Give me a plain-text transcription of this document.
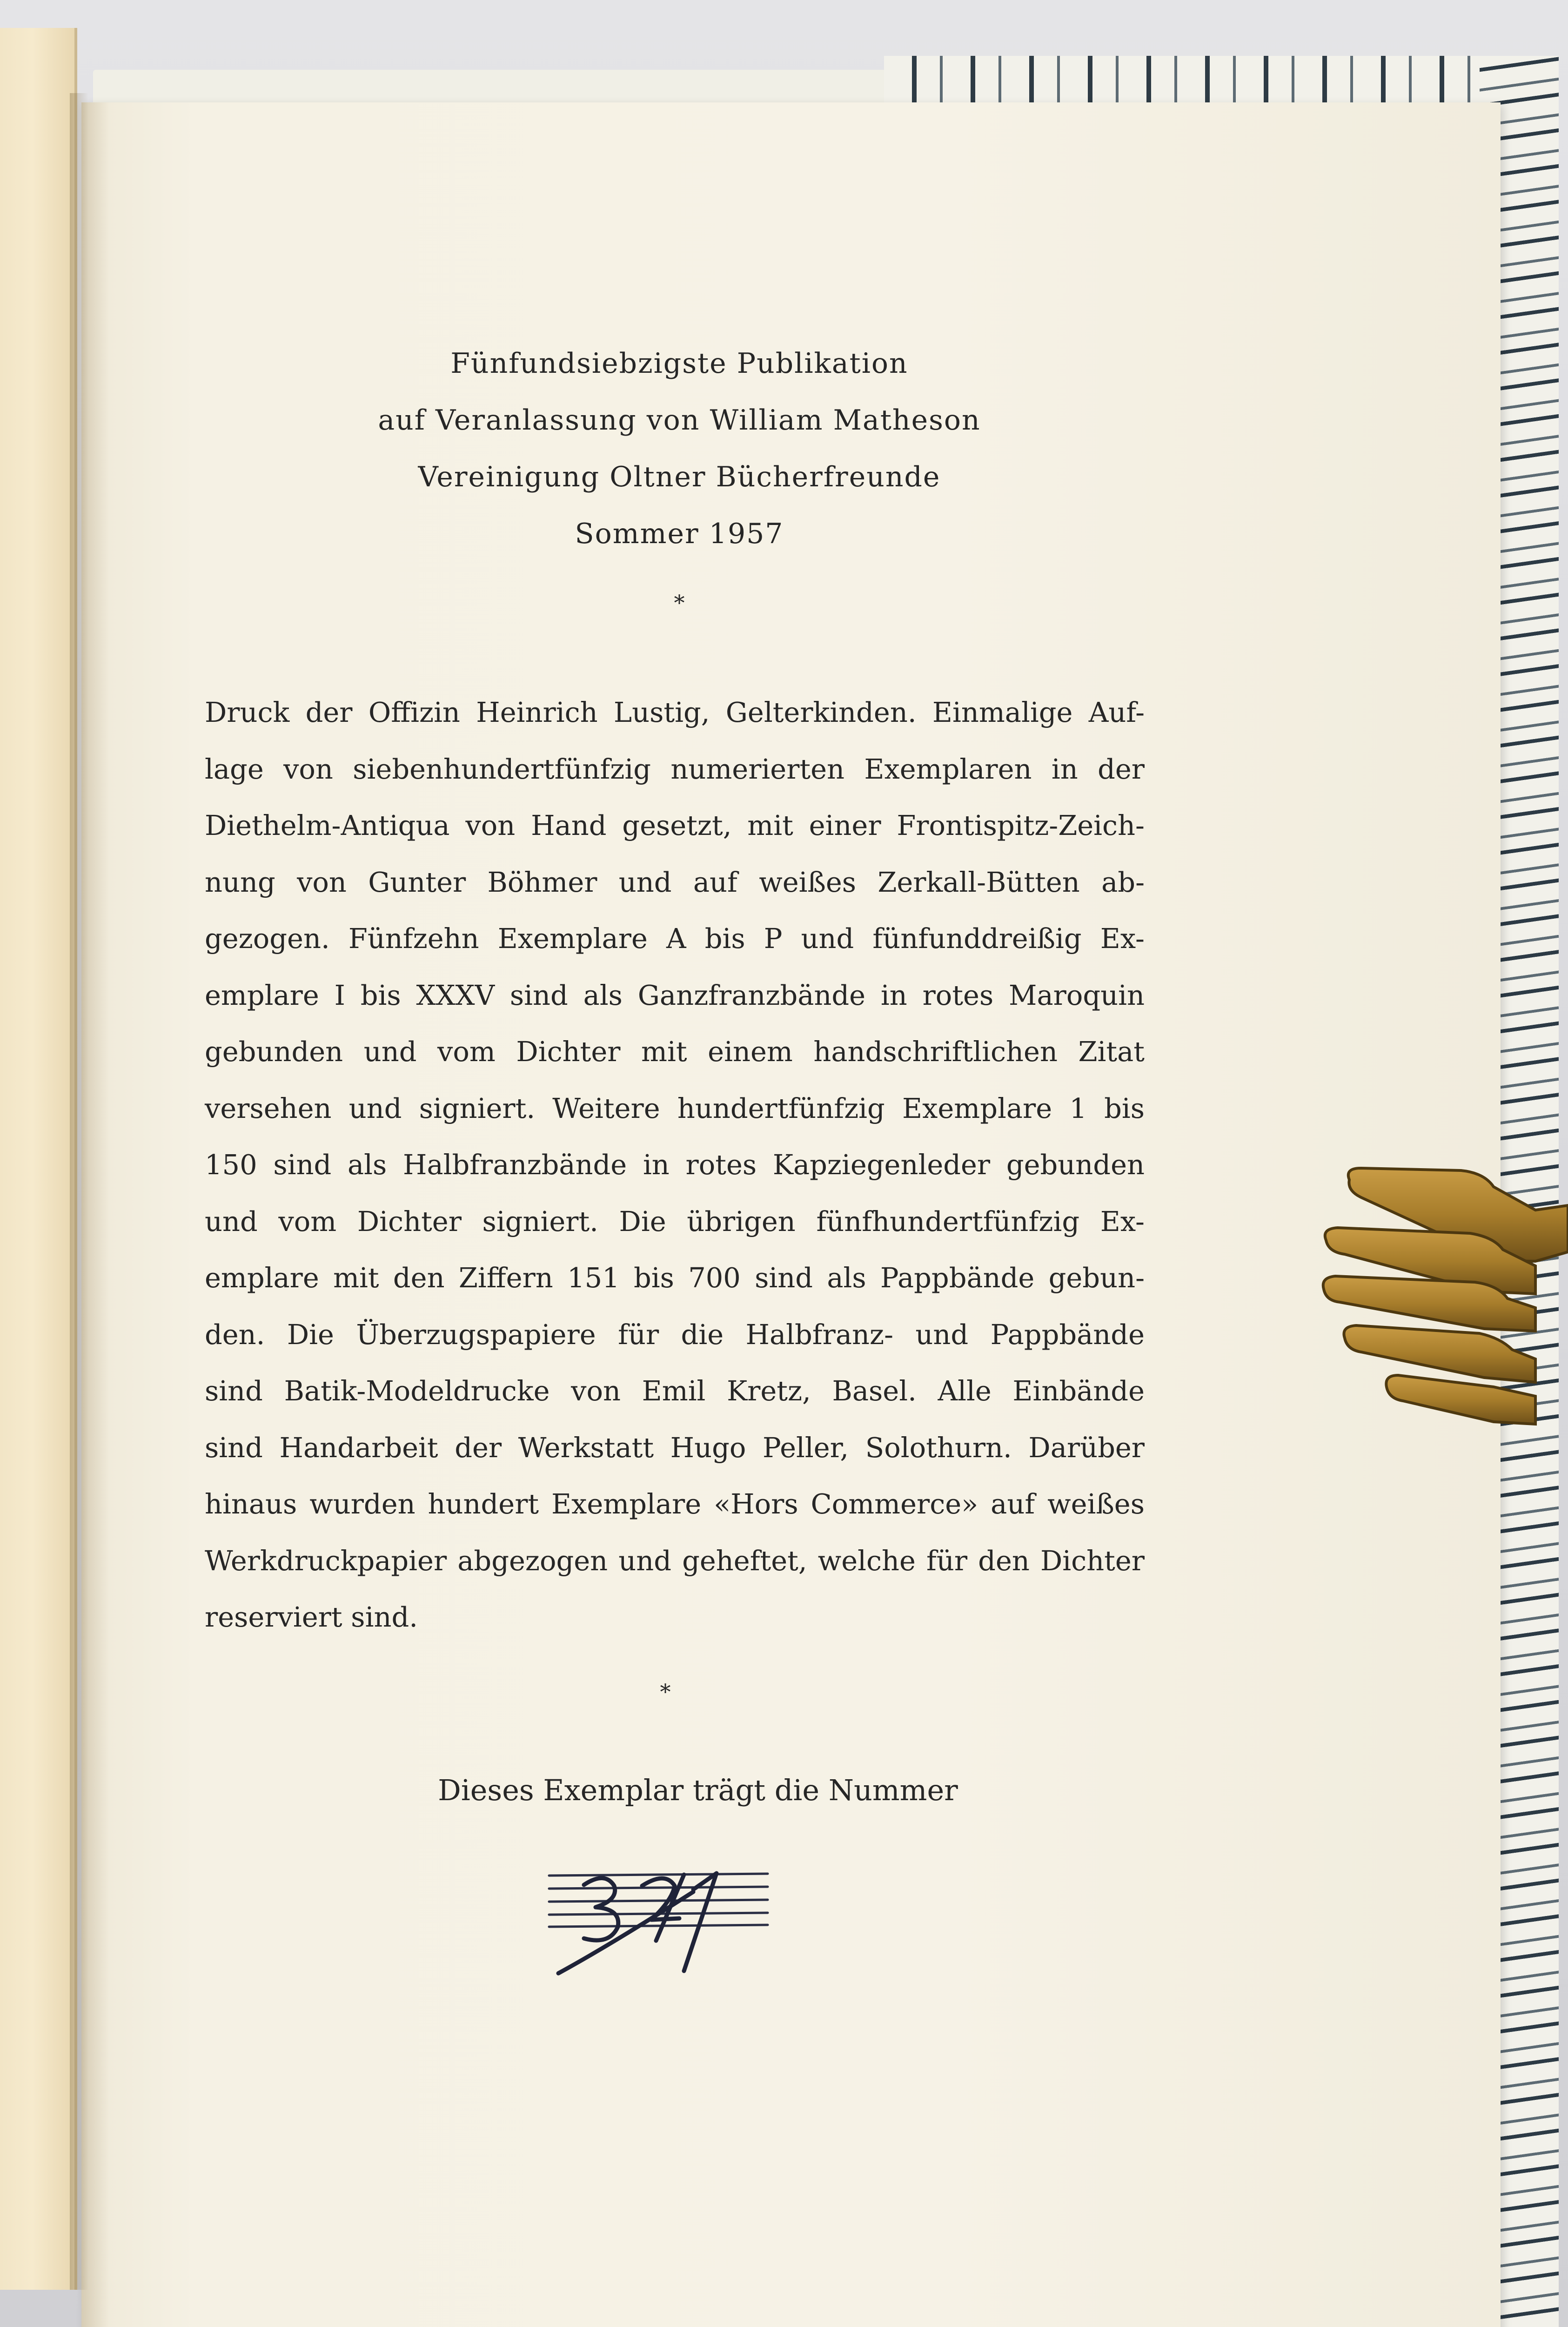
Fünfundsiebzigste Publikation
auf Veranlassung von William Matheson
Vereinigung Oltner Bücherfreunde
Sommer 1957
*
Druck der Offizin Heinrich Lustig, Gelterkinden. Einmalige Auf-
lage von siebenhundertfünfzig numerierten Exemplaren in der
Diethelm-Antiqua von Hand gesetzt, mit einer Frontispitz-Zeich-
nung von Gunter Böhmer und auf weißes Zerkall-Bütten ab-
gezogen. Fünfzehn Exemplare A bis P und fünfunddreißig Ex-
emplare I bis XXXV sind als Ganzfranzbände in rotes Maroquin
gebunden und vom Dichter mit einem handschriftlichen Zitat
versehen und signiert. Weitere hundertfünfzig Exemplare 1 bis
150 sind als Halbfranzbände in rotes Kapziegenleder gebunden
und vom Dichter signiert. Die übrigen fünfhundertfünfzig Ex-
emplare mit den Ziffern 151 bis 700 sind als Pappbände gebun-
den. Die Überzugspapiere für die Halbfranz- und Pappbände
sind Batik-Modeldrucke von Emil Kretz, Basel. Alle Einbände
sind Handarbeit der Werkstatt Hugo Peller, Solothurn. Darüber
hinaus wurden hundert Exemplare «Hors Commerce» auf weißes
Werkdruckpapier abgezogen und geheftet, welche für den Dichter
reserviert sind.
*
Dieses Exemplar trägt die Nummer
